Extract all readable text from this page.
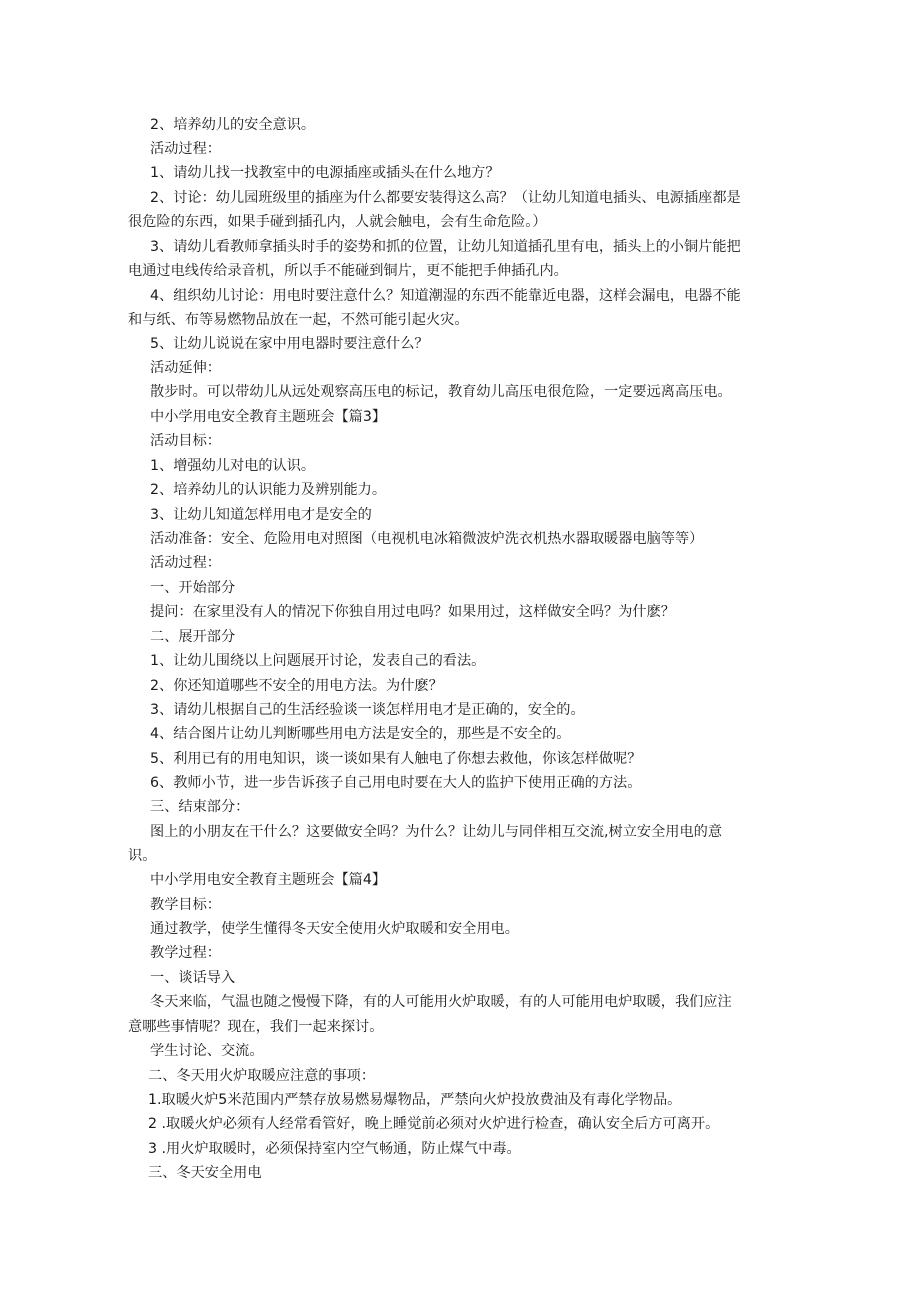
2、培养幼儿的安全意识。
活动过程：
1、请幼儿找一找教室中的电源插座或插头在什么地方？
2、讨论：幼儿园班级里的插座为什么都要安装得这么高？（让幼儿知道电插头、电源插座都是
很危险的东西，如果手碰到插孔内，人就会触电，会有生命危险。）
3、请幼儿看教师拿插头时手的姿势和抓的位置，让幼儿知道插孔里有电，插头上的小铜片能把
电通过电线传给录音机，所以手不能碰到铜片，更不能把手伸插孔内。
4、组织幼儿讨论：用电时要注意什么？知道潮湿的东西不能靠近电器，这样会漏电，电器不能
和与纸、布等易燃物品放在一起，不然可能引起火灾。
5、让幼儿说说在家中用电器时要注意什么？
活动延伸：
散步时。可以带幼儿从远处观察高压电的标记，教育幼儿高压电很危险，一定要远离高压电。
中小学用电安全教育主题班会【篇3】
活动目标：
1、增强幼儿对电的认识。
2、培养幼儿的认识能力及辨别能力。
3、让幼儿知道怎样用电才是安全的
活动准备：安全、危险用电对照图（电视机电冰箱微波炉洗衣机热水器取暖器电脑等等）
活动过程：
一、开始部分
提问：在家里没有人的情况下你独自用过电吗？如果用过，这样做安全吗？为什麽？
二、展开部分
1、让幼儿围绕以上问题展开讨论，发表自己的看法。
2、你还知道哪些不安全的用电方法。为什麽？
3、请幼儿根据自己的生活经验谈一谈怎样用电才是正确的，安全的。
4、结合图片让幼儿判断哪些用电方法是安全的，那些是不安全的。
5、利用已有的用电知识，谈一谈如果有人触电了你想去救他，你该怎样做呢？
6、教师小节，进一步告诉孩子自己用电时要在大人的监护下使用正确的方法。
三、结束部分：
图上的小朋友在干什么？这要做安全吗？为什么？让幼儿与同伴相互交流,树立安全用电的意
识。
中小学用电安全教育主题班会【篇4】
教学目标：
通过教学，使学生懂得冬天安全使用火炉取暖和安全用电。
教学过程：
一、谈话导入
冬天来临，气温也随之慢慢下降，有的人可能用火炉取暖，有的人可能用电炉取暖，我们应注
意哪些事情呢？现在，我们一起来探讨。
学生讨论、交流。
二、冬天用火炉取暖应注意的事项：
1.取暖火炉5米范围内严禁存放易燃易爆物品，严禁向火炉投放费油及有毒化学物品。
2 .取暖火炉必须有人经常看管好，晚上睡觉前必须对火炉进行检查，确认安全后方可离开。
3 .用火炉取暖时，必须保持室内空气畅通，防止煤气中毒。
三、冬天安全用电
